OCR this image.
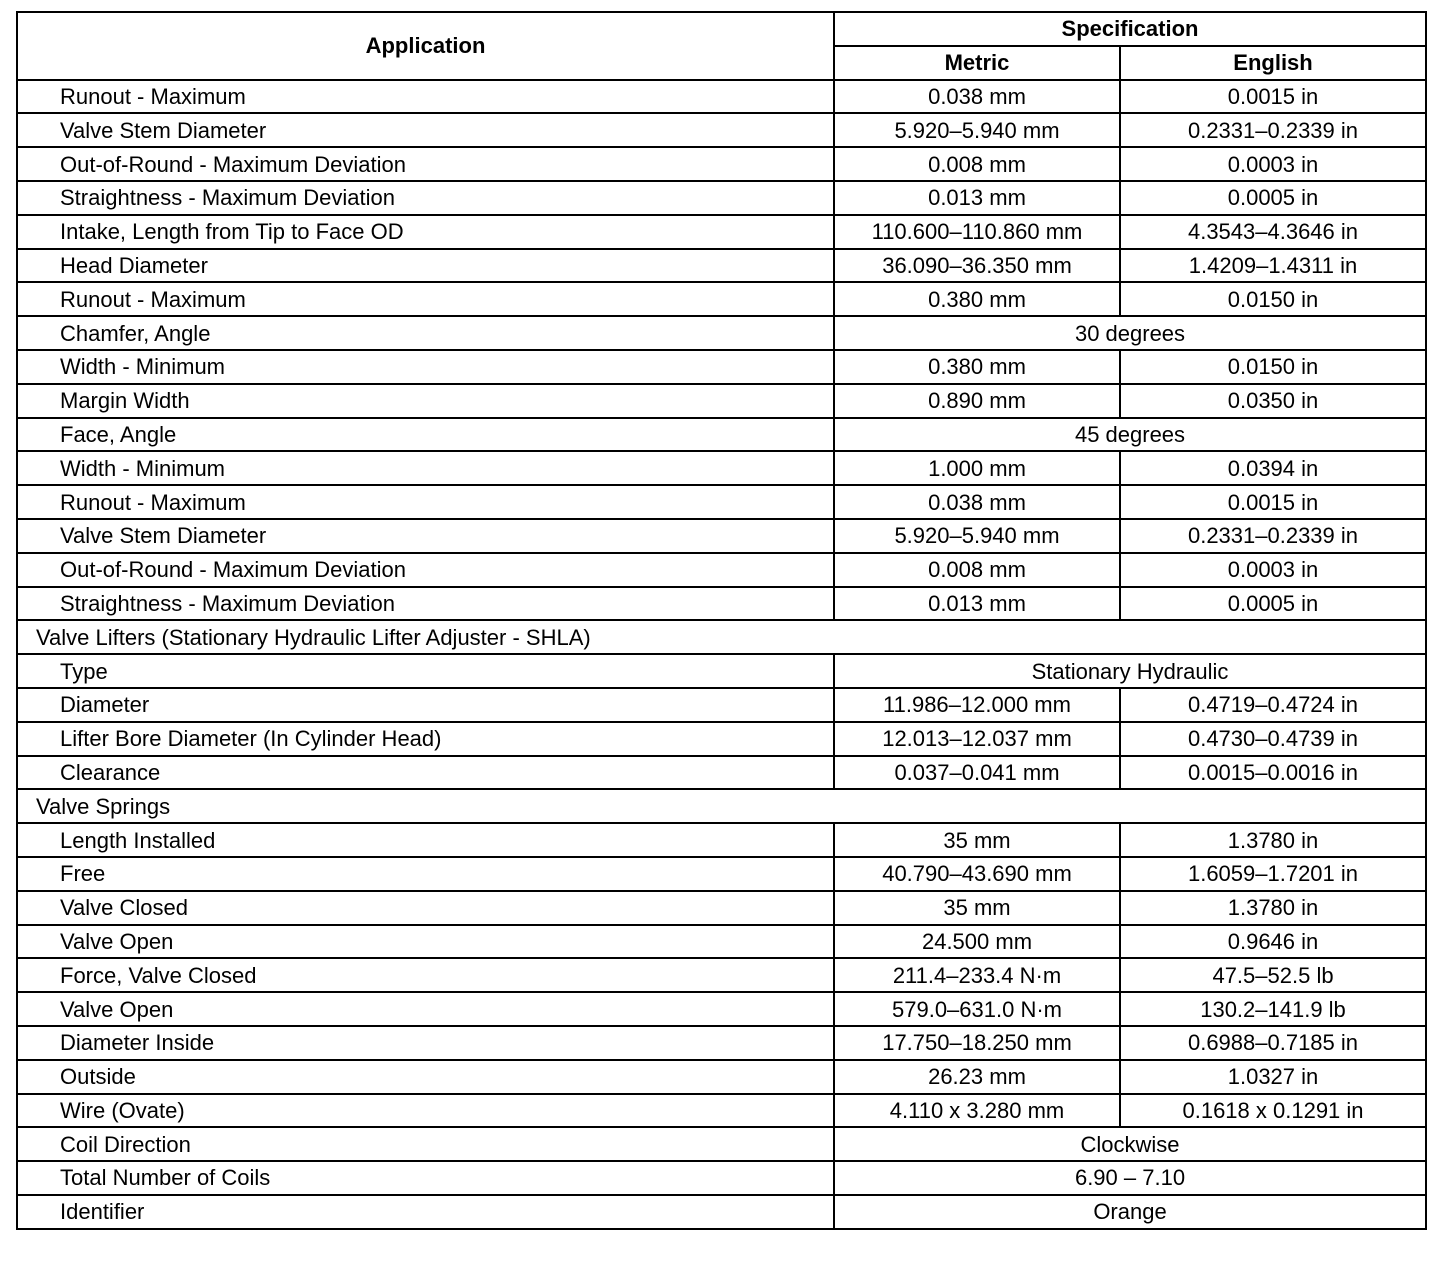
Application	Specification	
	Metric	English
Runout - Maximum	0.038 mm	0.0015 in
Valve Stem Diameter	5.920–5.940 mm	0.2331–0.2339 in
Out-of-Round - Maximum Deviation	0.008 mm	0.0003 in
Straightness - Maximum Deviation	0.013 mm	0.0005 in
Intake, Length from Tip to Face OD	110.600–110.860 mm	4.3543–4.3646 in
Head Diameter	36.090–36.350 mm	1.4209–1.4311 in
Runout - Maximum	0.380 mm	0.0150 in
Chamfer, Angle	30 degrees	
Width - Minimum	0.380 mm	0.0150 in
Margin Width	0.890 mm	0.0350 in
Face, Angle	45 degrees	
Width - Minimum	1.000 mm	0.0394 in
Runout - Maximum	0.038 mm	0.0015 in
Valve Stem Diameter	5.920–5.940 mm	0.2331–0.2339 in
Out-of-Round - Maximum Deviation	0.008 mm	0.0003 in
Straightness - Maximum Deviation	0.013 mm	0.0005 in
Valve Lifters (Stationary Hydraulic Lifter Adjuster - SHLA)		
Type	Stationary Hydraulic	
Diameter	11.986–12.000 mm	0.4719–0.4724 in
Lifter Bore Diameter (In Cylinder Head)	12.013–12.037 mm	0.4730–0.4739 in
Clearance	0.037–0.041 mm	0.0015–0.0016 in
Valve Springs		
Length Installed	35 mm	1.3780 in
Free	40.790–43.690 mm	1.6059–1.7201 in
Valve Closed	35 mm	1.3780 in
Valve Open	24.500 mm	0.9646 in
Force, Valve Closed	211.4–233.4 N·m	47.5–52.5 lb
Valve Open	579.0–631.0 N·m	130.2–141.9 lb
Diameter Inside	17.750–18.250 mm	0.6988–0.7185 in
Outside	26.23 mm	1.0327 in
Wire (Ovate)	4.110 x 3.280 mm	0.1618 x 0.1291 in
Coil Direction	Clockwise	
Total Number of Coils	6.90 – 7.10	
Identifier	Orange	
